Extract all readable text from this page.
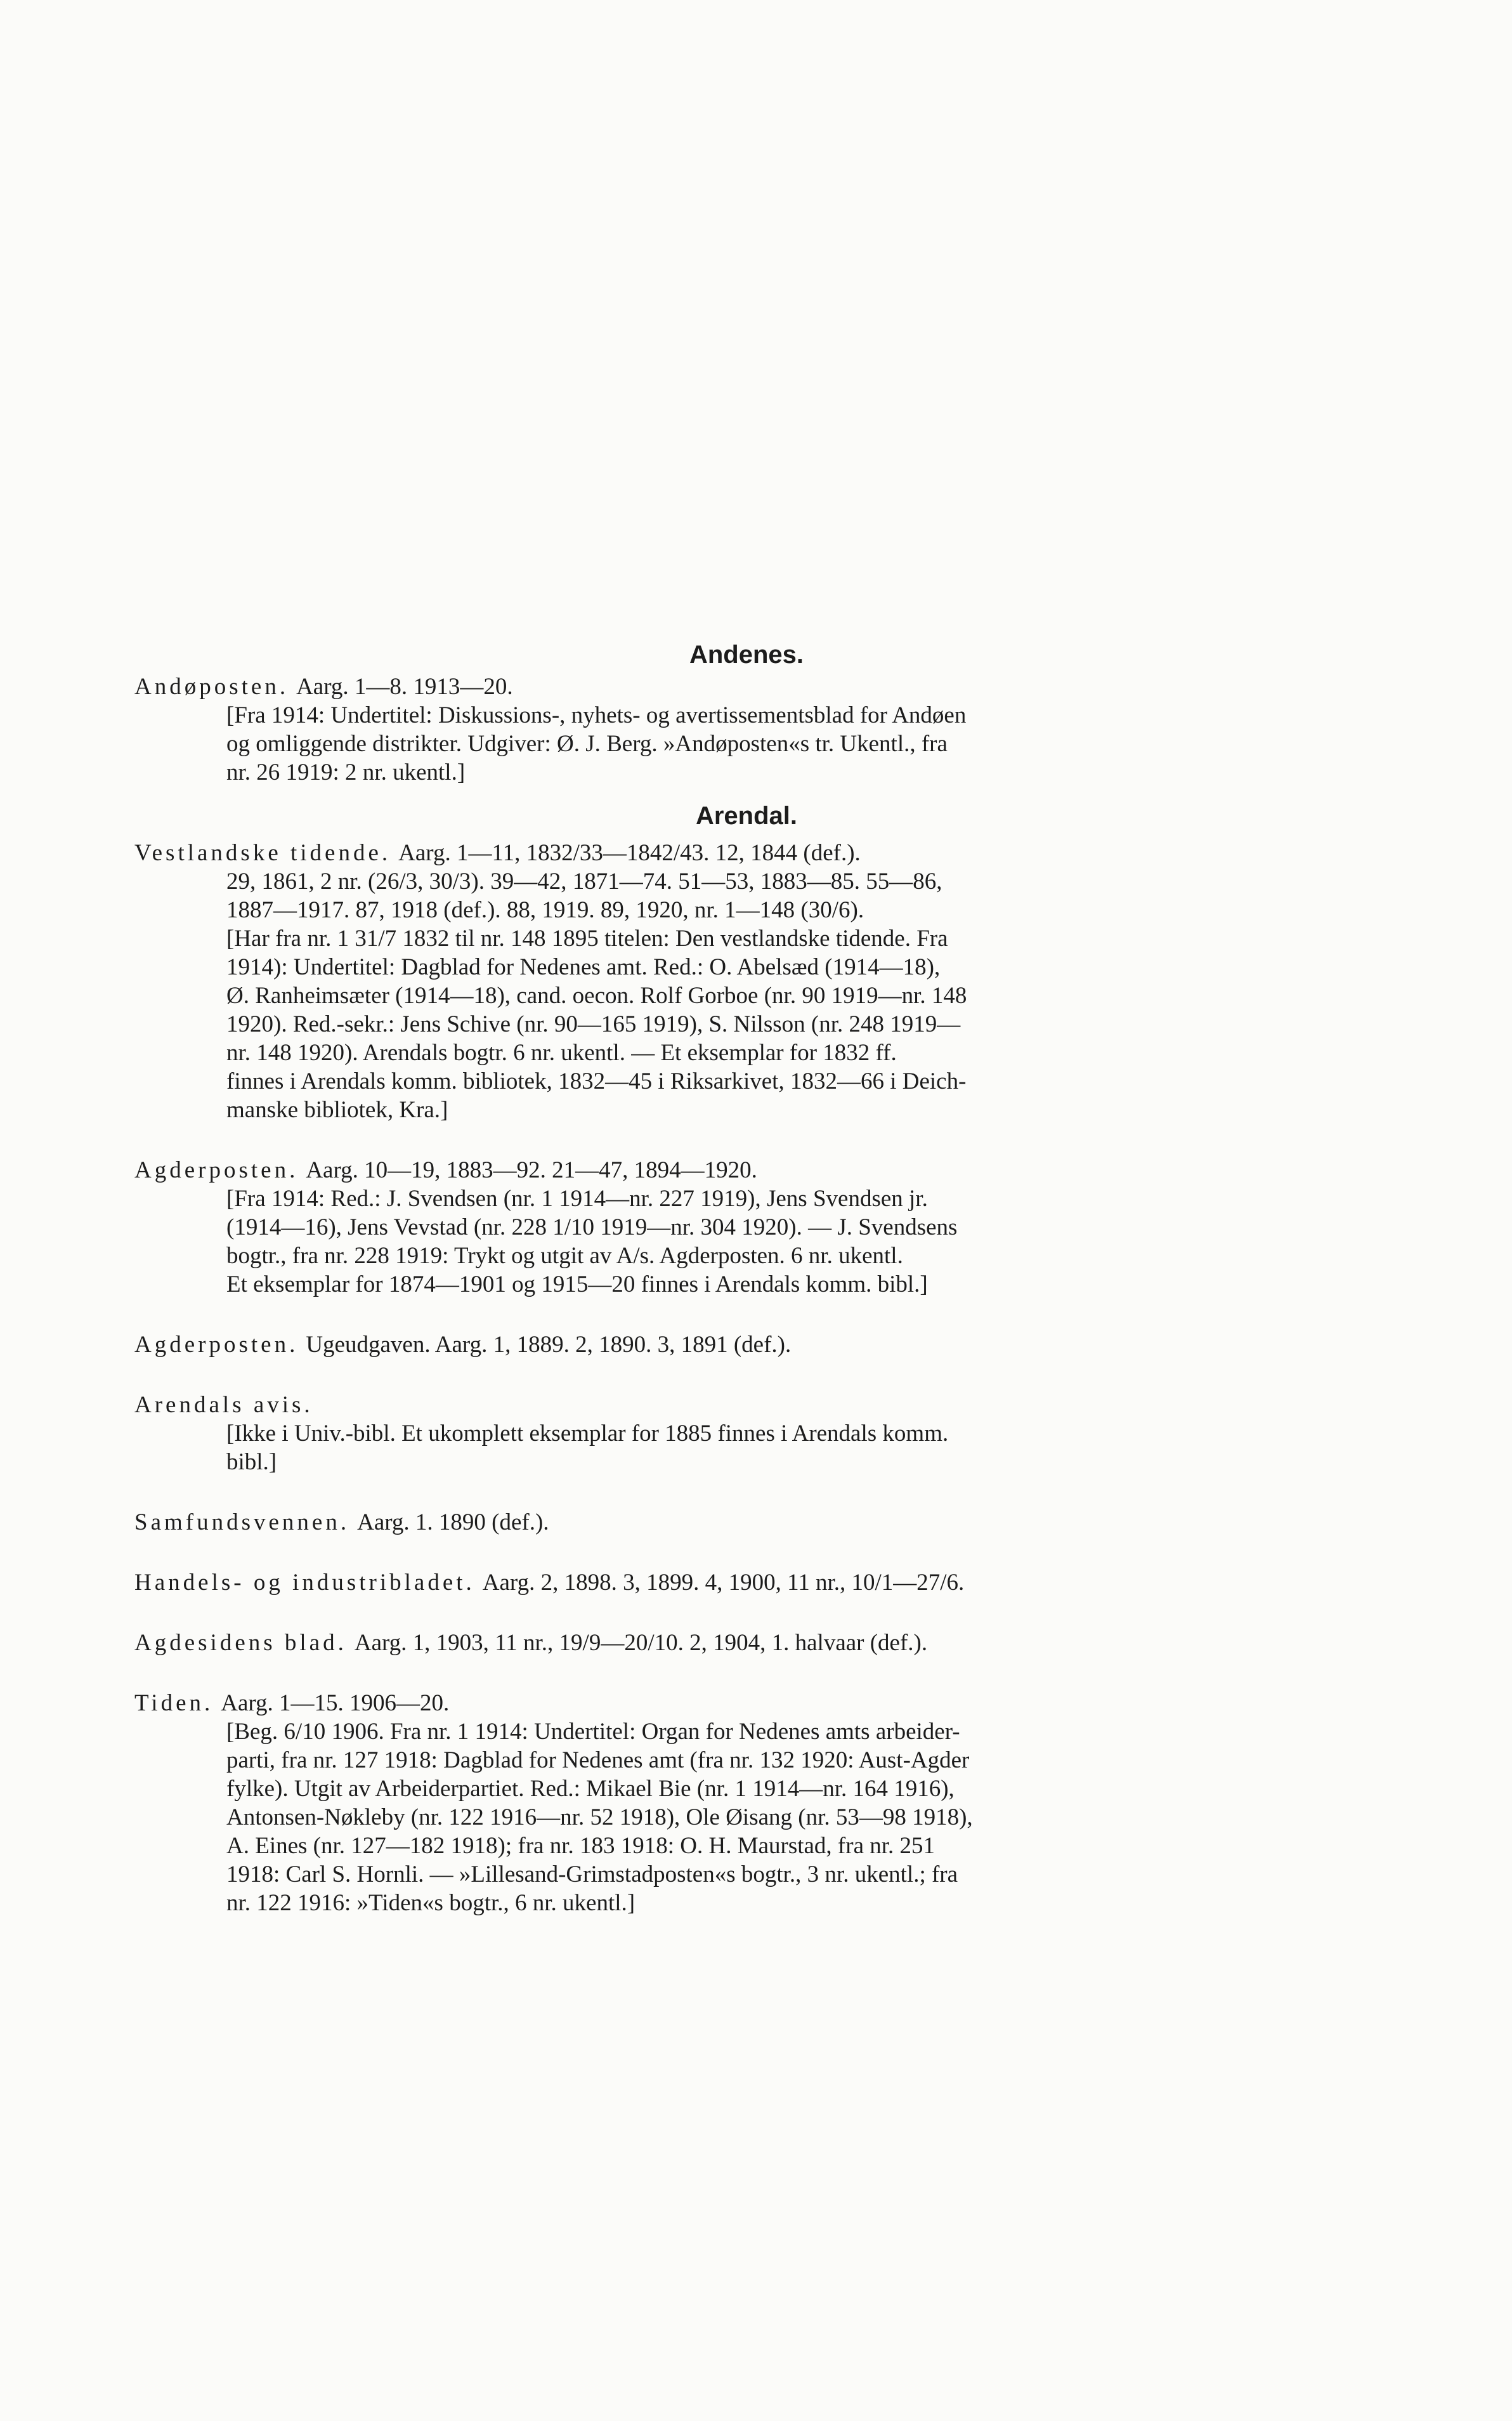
Andenes.
Andøposten. Aarg. 1—8. 1913—20.
[Fra 1914: Undertitel: Diskussions-, nyhets- og avertissementsblad for Andøen
og omliggende distrikter. Udgiver: Ø. J. Berg. »Andøposten«s tr. Ukentl., fra
nr. 26 1919: 2 nr. ukentl.]
Arendal.
Vestlandske tidende. Aarg. 1—11, 1832/33—1842/43. 12, 1844 (def.).
29, 1861, 2 nr. (26/3, 30/3). 39—42, 1871—74. 51—53, 1883—85. 55—86,
1887—1917. 87, 1918 (def.). 88, 1919. 89, 1920, nr. 1—148 (30/6).
[Har fra nr. 1 31/7 1832 til nr. 148 1895 titelen: Den vestlandske tidende. Fra
1914): Undertitel: Dagblad for Nedenes amt. Red.: O. Abelsæd (1914—18),
Ø. Ranheimsæter (1914—18), cand. oecon. Rolf Gorboe (nr. 90 1919—nr. 148
1920). Red.-sekr.: Jens Schive (nr. 90—165 1919), S. Nilsson (nr. 248 1919—
nr. 148 1920). Arendals bogtr. 6 nr. ukentl. — Et eksemplar for 1832 ff.
finnes i Arendals komm. bibliotek, 1832—45 i Riksarkivet, 1832—66 i Deich-
manske bibliotek, Kra.]
Agderposten. Aarg. 10—19, 1883—92. 21—47, 1894—1920.
[Fra 1914: Red.: J. Svendsen (nr. 1 1914—nr. 227 1919), Jens Svendsen jr.
(1914—16), Jens Vevstad (nr. 228 1/10 1919—nr. 304 1920). — J. Svendsens
bogtr., fra nr. 228 1919: Trykt og utgit av A/s. Agderposten. 6 nr. ukentl.
Et eksemplar for 1874—1901 og 1915—20 finnes i Arendals komm. bibl.]
Agderposten. Ugeudgaven. Aarg. 1, 1889. 2, 1890. 3, 1891 (def.).
Arendals avis.
[Ikke i Univ.-bibl. Et ukomplett eksemplar for 1885 finnes i Arendals komm.
bibl.]
Samfundsvennen. Aarg. 1. 1890 (def.).
Handels- og industribladet. Aarg. 2, 1898. 3, 1899. 4, 1900, 11 nr., 10/1—27/6.
Agdesidens blad. Aarg. 1, 1903, 11 nr., 19/9—20/10. 2, 1904, 1. halvaar (def.).
Tiden. Aarg. 1—15. 1906—20.
[Beg. 6/10 1906. Fra nr. 1 1914: Undertitel: Organ for Nedenes amts arbeider-
parti, fra nr. 127 1918: Dagblad for Nedenes amt (fra nr. 132 1920: Aust-Agder
fylke). Utgit av Arbeiderpartiet. Red.: Mikael Bie (nr. 1 1914—nr. 164 1916),
Antonsen-Nøkleby (nr. 122 1916—nr. 52 1918), Ole Øisang (nr. 53—98 1918),
A. Eines (nr. 127—182 1918); fra nr. 183 1918: O. H. Maurstad, fra nr. 251
1918: Carl S. Hornli. — »Lillesand-Grimstadposten«s bogtr., 3 nr. ukentl.; fra
nr. 122 1916: »Tiden«s bogtr., 6 nr. ukentl.]
